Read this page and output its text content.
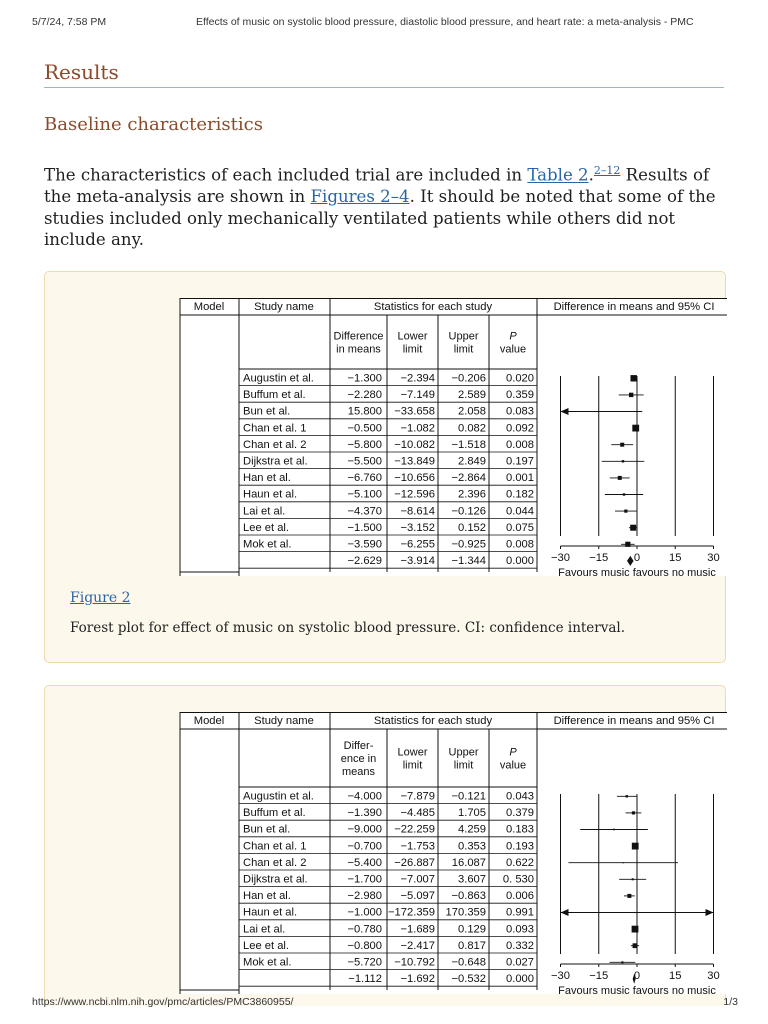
5/7/24, 7:58 PM	Effects of music on systolic blood pressure, diastolic blood pressure, and heart rate: a meta-analysis - PMC
Results
Baseline characteristics

The characteristics of each included trial are included in Table 2.$^{2-12}$ Results of the meta-analysis are shown in Figures 2–4. It should be noted that some of the studies included only mechanically ventilated patients while others did not include any.

Model	Study name	Statistics for each study	Difference in means and 95% CI
Difference
in means
Lower
limit
Upper
limit
P
value
Augustin et al.	−1.300 −2.394 −0.206 0.020
Buffum et al.	−2.280 −7.149 2.589 0.359
Bun et al.	15.800 −33.658 2.058 0.083
Chan et al. 1	−0.500 −1.082 0.082 0.092
Chan et al. 2	−5.800 −10.082 −1.518 0.008
Dijkstra et al.	−5.500 −13.849 2.849 0.197
Han et al.	−6.760 −10.656 −2.864 0.001
Haun et al.	−5.100 −12.596 2.396 0.182
Lai et al.	−4.370 −8.614 −0.126 0.044
Lee et al.	−1.500 −3.152 0.152 0.075
Mok et al.	−3.590 −6.255 −0.925 0.008
−2.629 −3.914 −1.344 0.000 −30 −15 0	15 30
Favours music favours no music
Figure 2
Forest plot for effect of music on systolic blood pressure. CI: confidence interval.
Model	Study name	Statistics for each study	Difference in means and 95% CI
Differ-
ence in
means
Lower
limit
Upper
limit
P
value
Augustin et al.	−4.000 −7.879 −0.121 0.043
Buffum et al.	−1.390 −4.485 1.705 0.379
Bun et al.	−9.000 −22.259 4.259 0.183
Chan et al. 1	−0.700 −1.753 0.353 0.193
Chan et al. 2	−5.400 −26.887 16.087 0.622
Dijkstra et al.	−1.700 −7.007 3.607 0. 530
Han et al.	−2.980 −5.097 −0.863 0.006
Haun et al.	−1.000 −172.359 170.359 0.991
Lai et al.	−0.780 −1.689 0.129 0.093
Lee et al.	−0.800 −2.417 0.817 0.332
Mok et al.	−5.720 −10.792 −0.648 0.027
−1.112 −1.692 −0.532 0.000 −30 −15 0	15 30
Favours music favours no music
https://www.ncbi.nlm.nih.gov/pmc/articles/PMC3860955/	1/3
